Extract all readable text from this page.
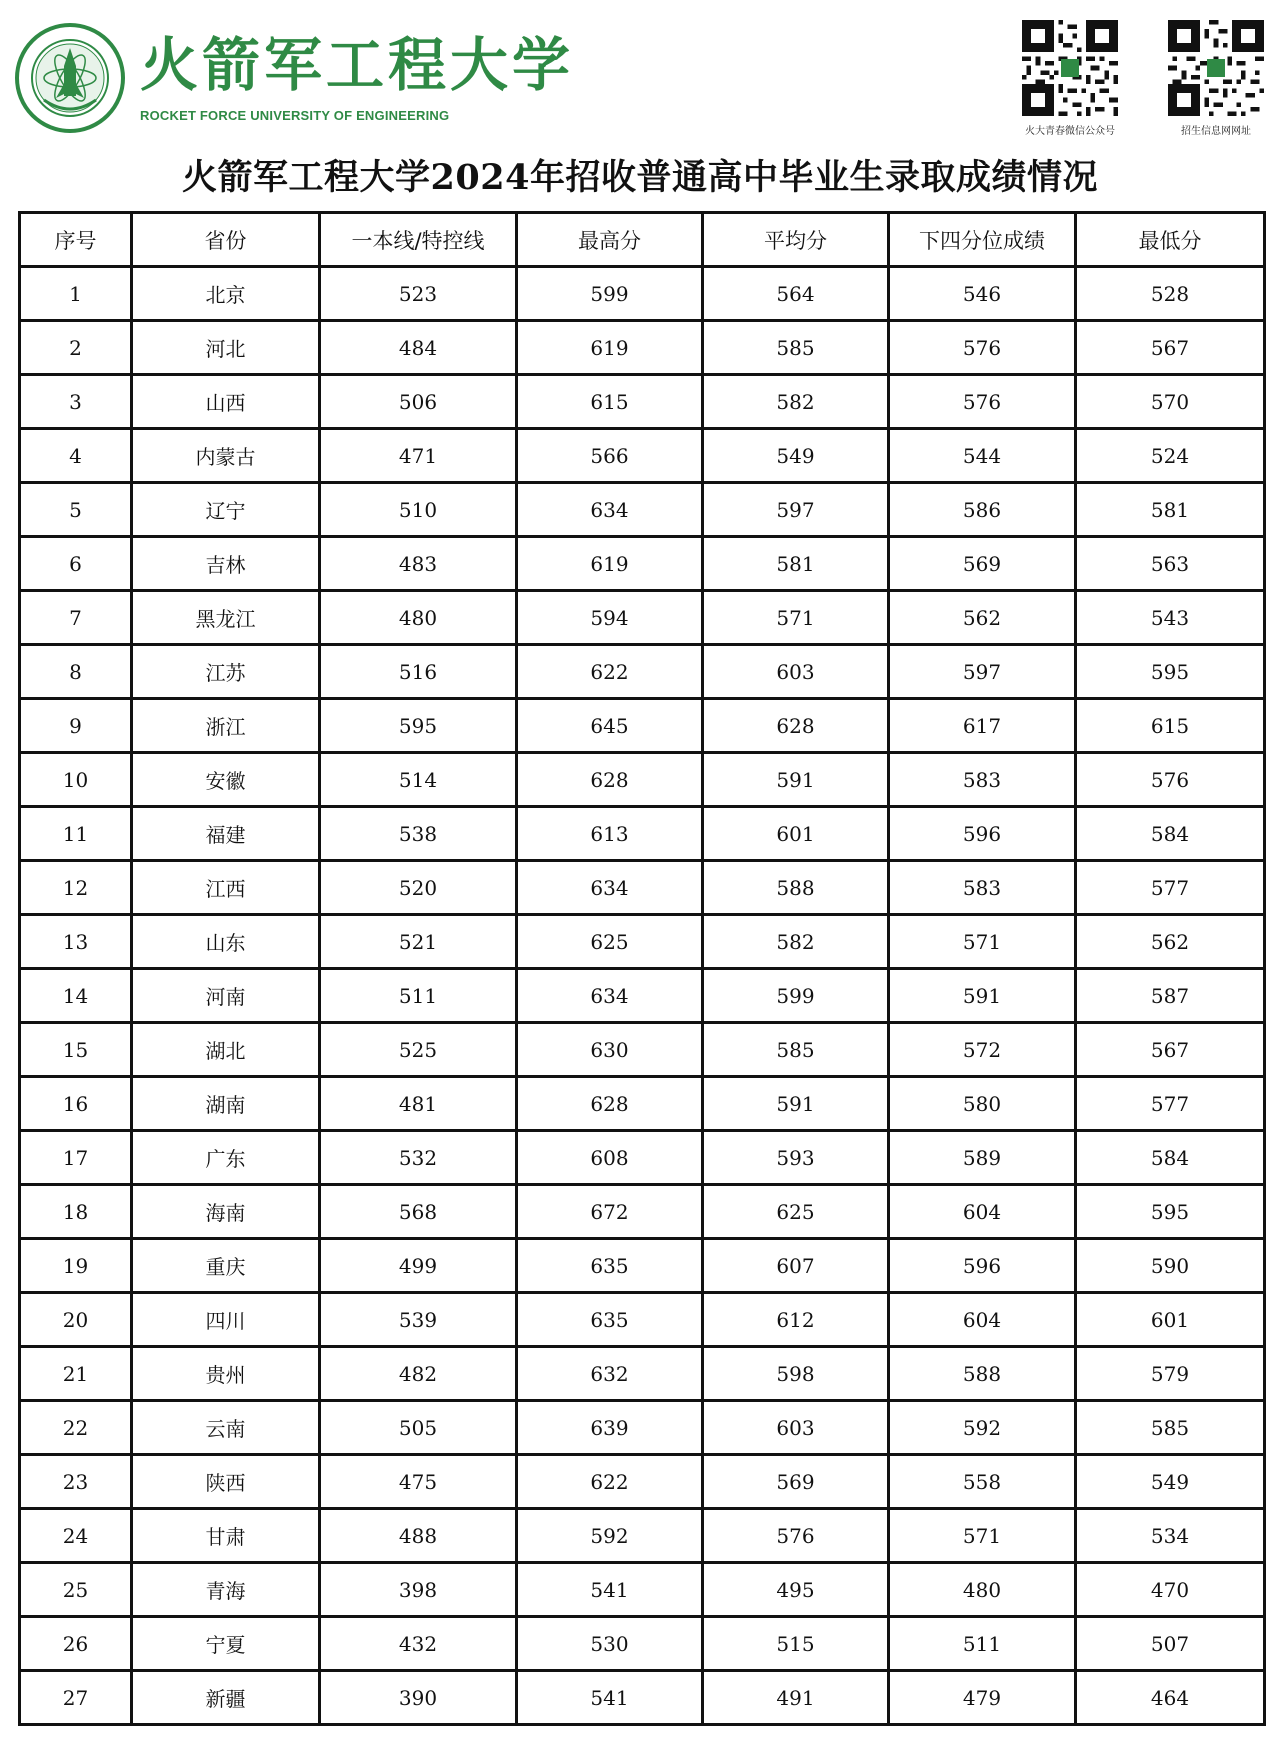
火箭军工程大学
ROCKET FORCE UNIVERSITY OF ENGINEERING
火大青春微信公众号	招生信息网网址
火箭军工程大学2024年招收普通高中毕业生录取成绩情况
序号	省份	一本线/特控线	最高分	平均分	下四分位成绩	最低分
1	北京	523	599	564	546	528
2	河北	484	619	585	576	567
3	山西	506	615	582	576	570
4	内蒙古	471	566	549	544	524
5	辽宁	510	634	597	586	581
6	吉林	483	619	581	569	563
7	黑龙江	480	594	571	562	543
8	江苏	516	622	603	597	595
9	浙江	595	645	628	617	615
10	安徽	514	628	591	583	576
11	福建	538	613	601	596	584
12	江西	520	634	588	583	577
13	山东	521	625	582	571	562
14	河南	511	634	599	591	587
15	湖北	525	630	585	572	567
16	湖南	481	628	591	580	577
17	广东	532	608	593	589	584
18	海南	568	672	625	604	595
19	重庆	499	635	607	596	590
20	四川	539	635	612	604	601
21	贵州	482	632	598	588	579
22	云南	505	639	603	592	585
23	陕西	475	622	569	558	549
24	甘肃	488	592	576	571	534
25	青海	398	541	495	480	470
26	宁夏	432	530	515	511	507
27	新疆	390	541	491	479	464
